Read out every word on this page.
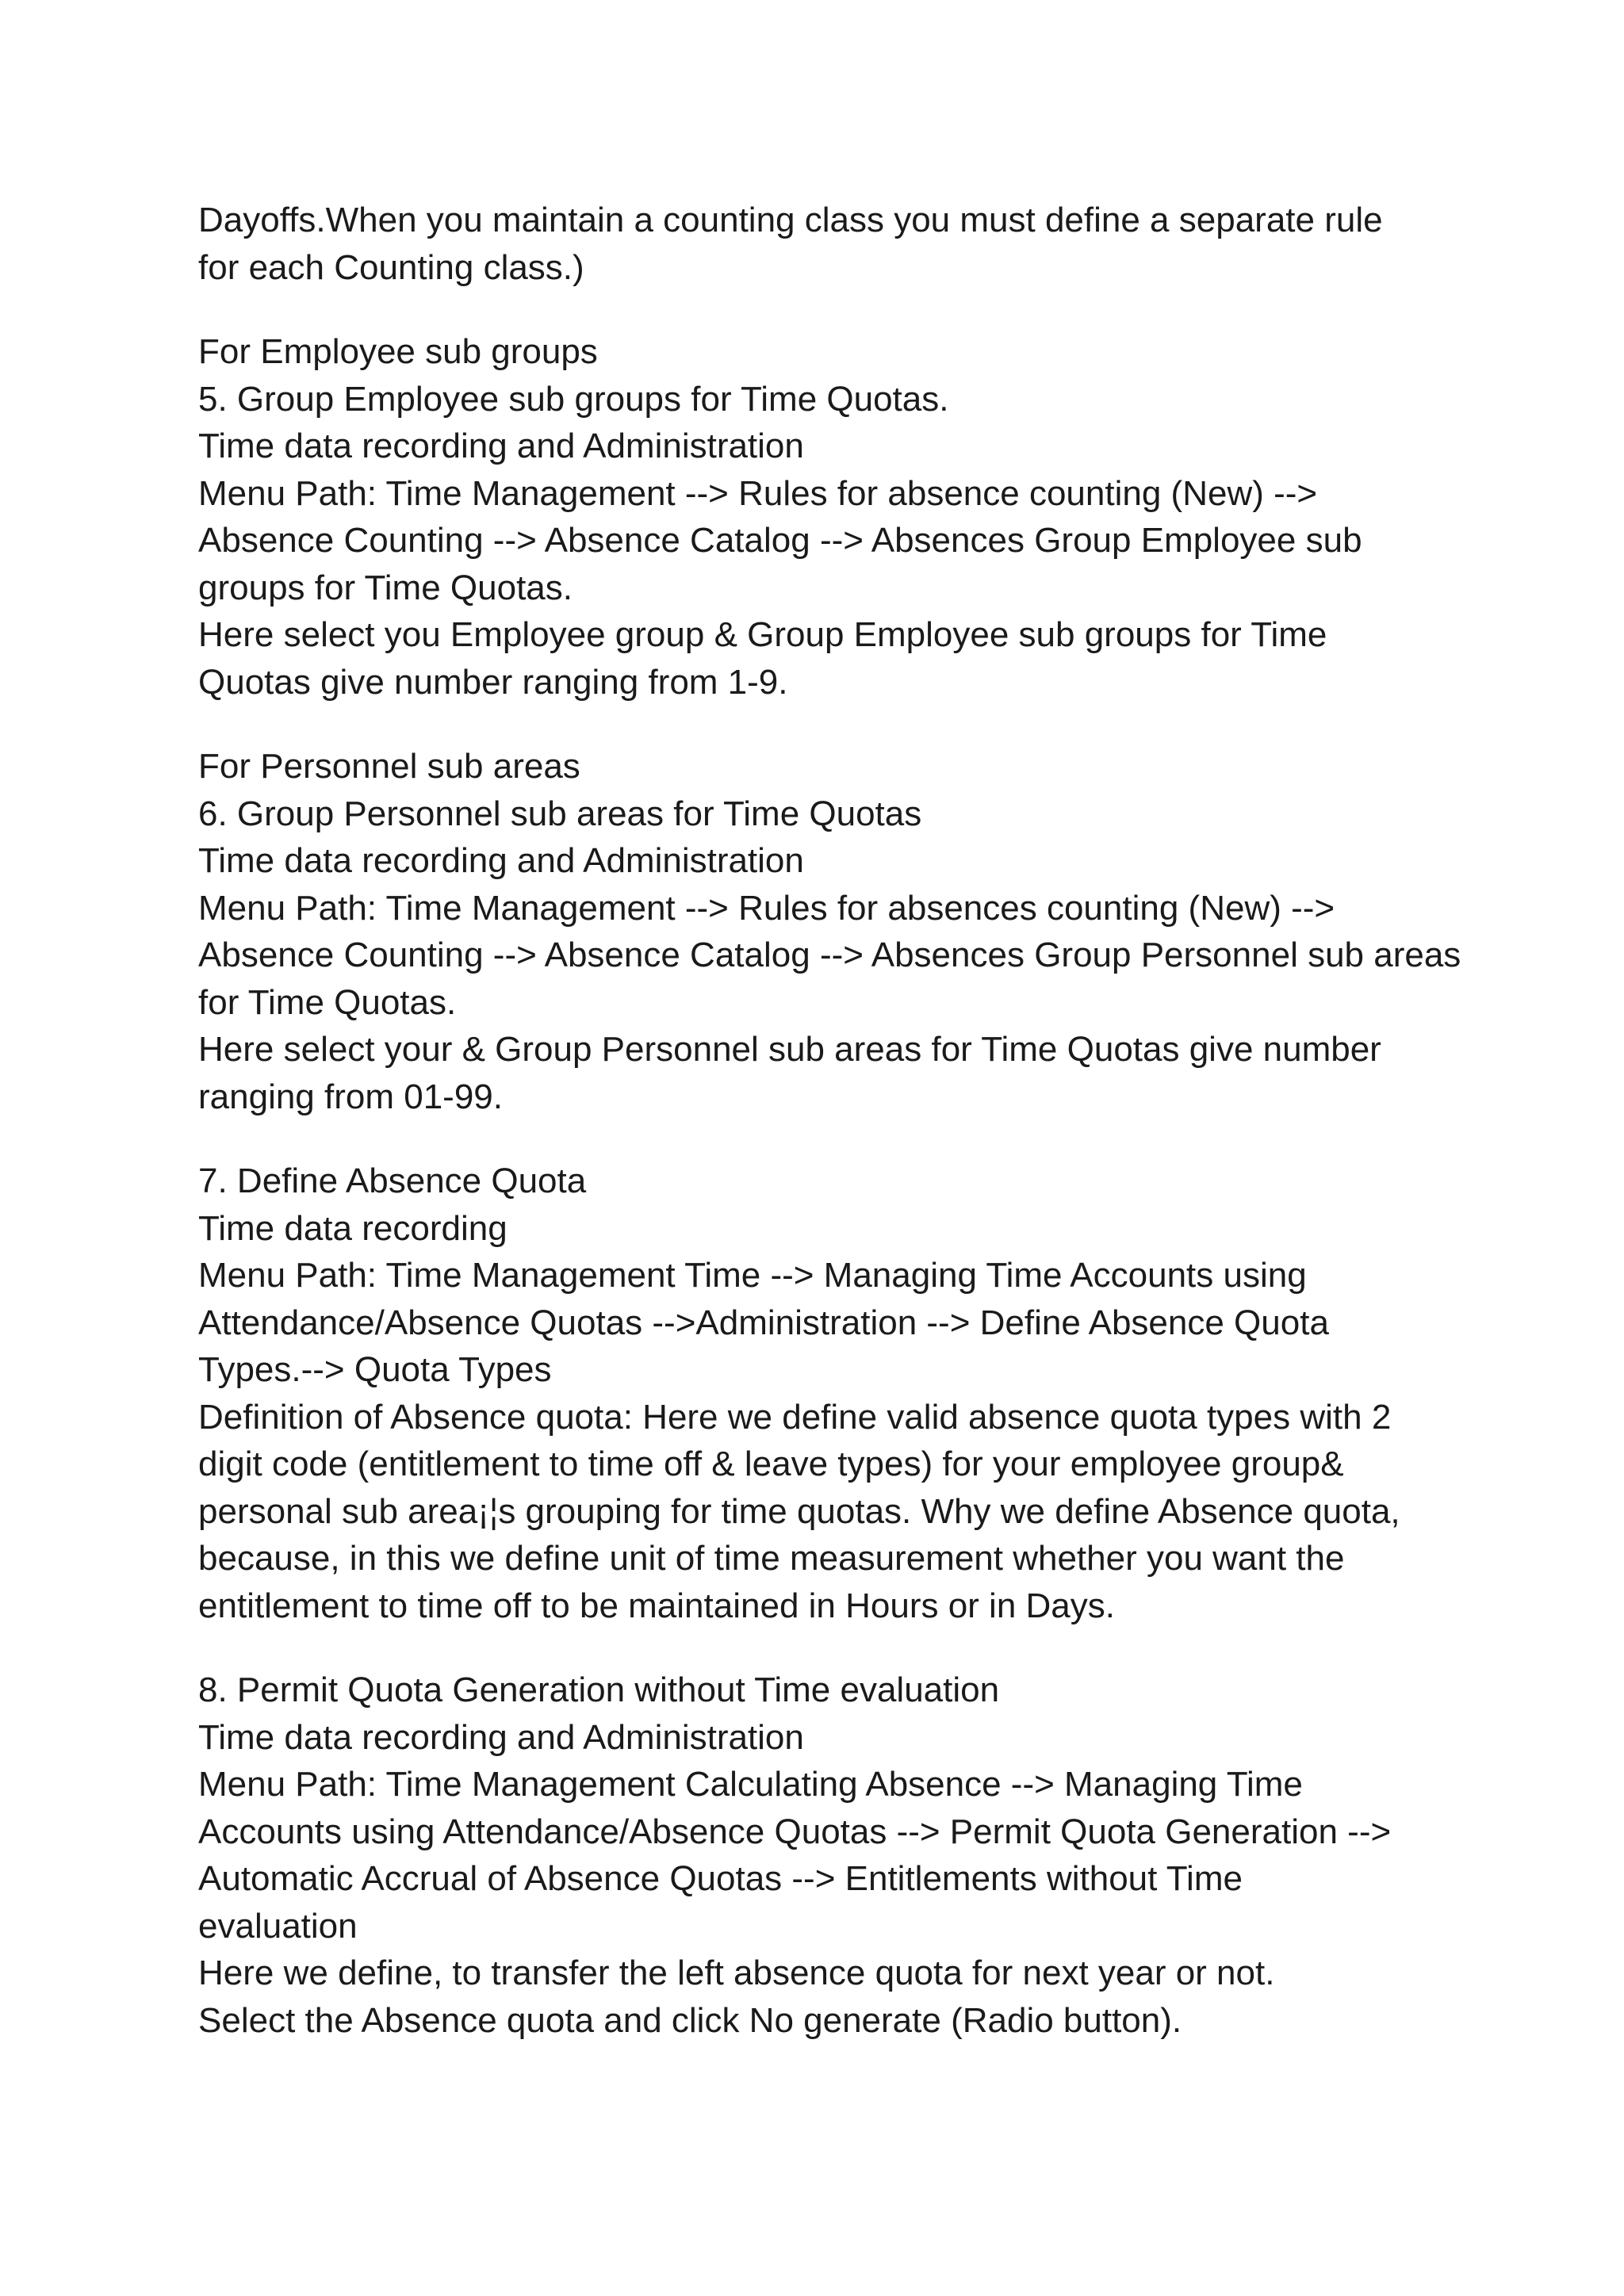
Dayoffs.When you maintain a counting class you must define a separate rule
for each Counting class.)
For Employee sub groups
5. Group Employee sub groups for Time Quotas.
Time data recording and Administration
Menu Path: Time Management --> Rules for absence counting (New) -->
Absence Counting --> Absence Catalog --> Absences Group Employee sub
groups for Time Quotas.
Here select you Employee group & Group Employee sub groups for Time
Quotas give number ranging from 1-9.
For Personnel sub areas
6. Group Personnel sub areas for Time Quotas
Time data recording and Administration
Menu Path: Time Management --> Rules for absences counting (New) -->
Absence Counting --> Absence Catalog --> Absences Group Personnel sub areas
for Time Quotas.
Here select your & Group Personnel sub areas for Time Quotas give number
ranging from 01-99.
7. Define Absence Quota
Time data recording
Menu Path: Time Management Time --> Managing Time Accounts using
Attendance/Absence Quotas -->Administration --> Define Absence Quota
Types.--> Quota Types
Definition of Absence quota: Here we define valid absence quota types with 2
digit code (entitlement to time off & leave types) for your employee group&
personal sub area¡¦s grouping for time quotas. Why we define Absence quota,
because, in this we define unit of time measurement whether you want the
entitlement to time off to be maintained in Hours or in Days.
8. Permit Quota Generation without Time evaluation
Time data recording and Administration
Menu Path: Time Management Calculating Absence --> Managing Time
Accounts using Attendance/Absence Quotas --> Permit Quota Generation -->
Automatic Accrual of Absence Quotas --> Entitlements without Time
evaluation
Here we define, to transfer the left absence quota for next year or not.
Select the Absence quota and click No generate (Radio button).
